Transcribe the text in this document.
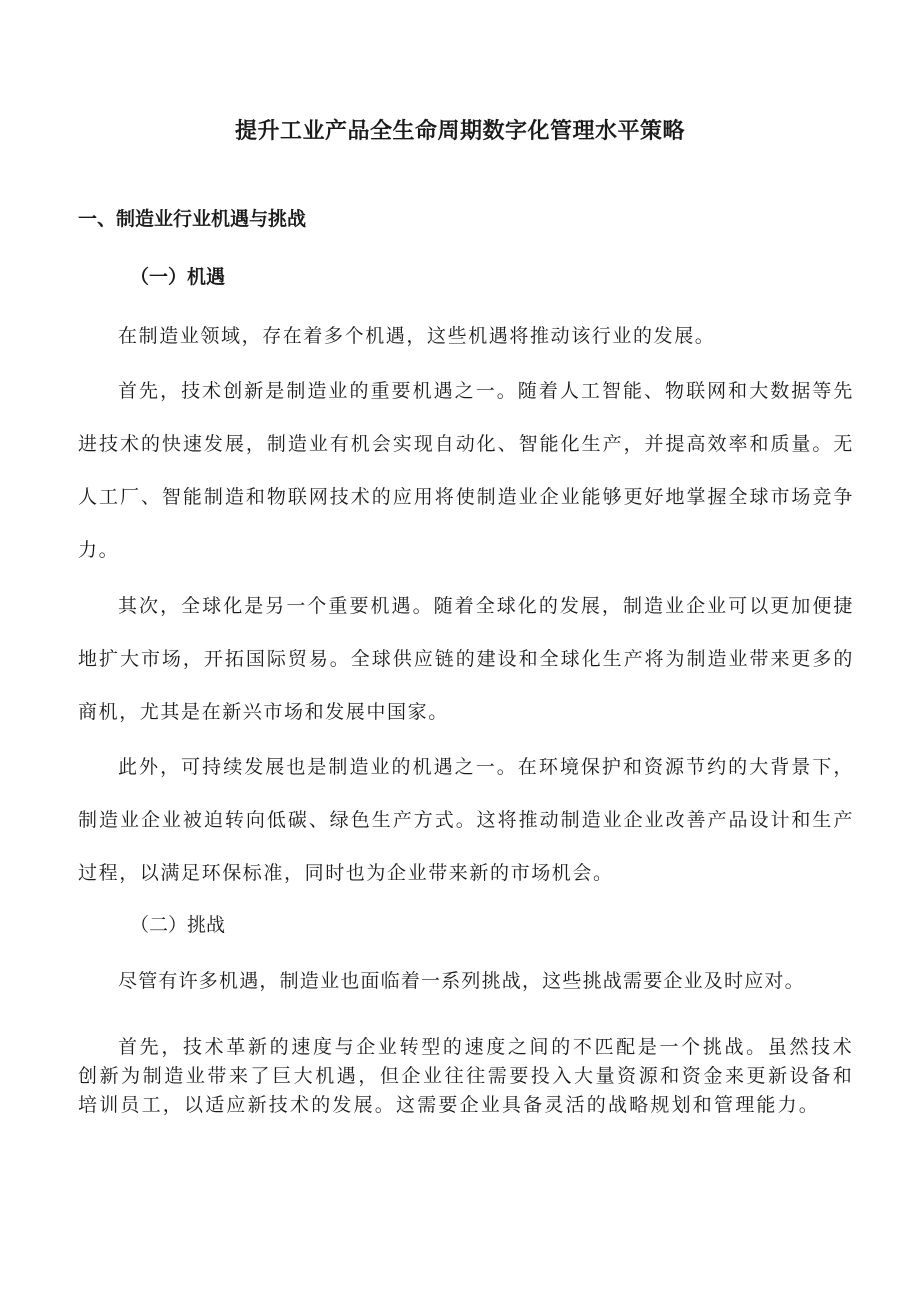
提升工业产品全生命周期数字化管理水平策略
一、制造业行业机遇与挑战
（一）机遇

在制造业领域，存在着多个机遇，这些机遇将推动该行业的发展。

首先，技术创新是制造业的重要机遇之一。随着人工智能、物联网和大数据等先进技术的快速发展，制造业有机会实现自动化、智能化生产，并提高效率和质量。无人工厂、智能制造和物联网技术的应用将使制造业企业能够更好地掌握全球市场竞争力。

其次，全球化是另一个重要机遇。随着全球化的发展，制造业企业可以更加便捷地扩大市场，开拓国际贸易。全球供应链的建设和全球化生产将为制造业带来更多的商机，尤其是在新兴市场和发展中国家。

此外，可持续发展也是制造业的机遇之一。在环境保护和资源节约的大背景下，制造业企业被迫转向低碳、绿色生产方式。这将推动制造业企业改善产品设计和生产过程，以满足环保标准，同时也为企业带来新的市场机会。

（二）挑战

尽管有许多机遇，制造业也面临着一系列挑战，这些挑战需要企业及时应对。

首先，技术革新的速度与企业转型的速度之间的不匹配是一个挑战。虽然技术创新为制造业带来了巨大机遇，但企业往往需要投入大量资源和资金来更新设备和培训员工，以适应新技术的发展。这需要企业具备灵活的战略规划和管理能力。
